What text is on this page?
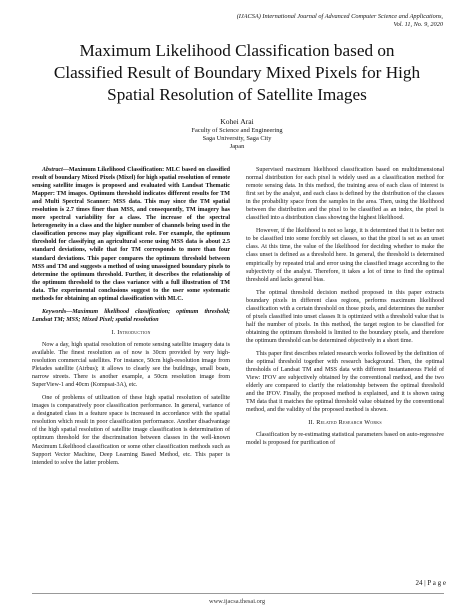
(IJACSA) International Journal of Advanced Computer Science and Applications,
Vol. 11, No. 9, 2020
Maximum Likelihood Classification based on
Classified Result of Boundary Mixed Pixels for High
Spatial Resolution of Satellite Images
Kohei Arai
Faculty of Science and Engineering
Saga University, Saga City
Japan

Abstract—Maximum Likelihood Classification: MLC based on classified result of boundary Mixed Pixels (Mixel) for high spatial resolution of remote sensing satellite images is proposed and evaluated with Landsat Thematic Mapper: TM images. Optimum threshold indicates different results for TM and Multi Spectral Scanner: MSS data. This may since the TM spatial resolution is 2.7 times finer than MSS, and consequently, TM imagery has more spectral variability for a class. The increase of the spectral heterogeneity in a class and the higher number of channels being used in the classification process may play significant role. For example, the optimum threshold for classifying an agricultural scene using MSS data is about 2.5 standard deviations, while that for TM corresponds to more than four standard deviations. This paper compares the optimum threshold between MSS and TM and suggests a method of using unassigned boundary pixels to determine the optimum threshold. Further, it describes the relationship of the optimum threshold to the class variance with a full illustration of TM data. The experimental conclusions suggest to the user some systematic methods for obtaining an optimal classification with MLC.

Keywords—Maximum likelihood classification; optimum threshold; Landsat TM; MSS; Mixed Pixel; spatial resolution

I. Introduction

Now a day, high spatial resolution of remote sensing satellite imagery data is available. The finest resolution as of now is 30cm provided by very high-resolution commercial satellites. For instance, 50cm high-resolution image from Pleiades satellite (Airbus); it allows to clearly see the buildings, small boats, narrow streets. There is another example, a 50cm resolution image from SuperView-1 and 40cm (Kompsat-3A), etc.

One of problems of utilization of these high spatial resolution of satellite images is comparatively poor classification performance. In general, variance of a designated class in a feature space is increased in accordance with the spatial resolution which result in poor classification performance. Another disadvantage of the high spatial resolution of satellite image classification is determination of optimum threshold for the discrimination between classes in the well-known Maximum Likelihood classification or some other classification methods such as Support Vector Machine, Deep Learning Based Method, etc. This paper is intended to solve the latter problem.

Supervised maximum likelihood classification based on multidimensional normal distribution for each pixel is widely used as a classification method for remote sensing data. In this method, the training area of each class of interest is first set by the analyst, and each class is defined by the distribution of the classes in the probability space from the samples in the area. Then, using the likelihood between the distribution and the pixel to be classified as an index, the pixel is classified into a distribution class showing the highest likelihood.

However, if the likelihood is not so large, it is determined that it is better not to be classified into some forcibly set classes, so that the pixel is set as an unset class. At this time, the value of the likelihood for deciding whether to make the class unset is defined as a threshold here. In general, the threshold is determined empirically by repeated trial and error using the classified image according to the subjectivity of the analyst. Therefore, it takes a lot of time to find the optimal threshold and lacks general bias.

The optimal threshold decision method proposed in this paper extracts boundary pixels in different class regions, performs maximum likelihood classification with a certain threshold on those pixels, and determines the number of pixels classified into unset classes It is optimized with a threshold value that is half the number of pixels. In this method, the target region to be classified for obtaining the optimum threshold is limited to the boundary pixels, and therefore the optimum threshold can be determined objectively in a short time.

This paper first describes related research works followed by the definition of the optimal threshold together with research background. Then, the optimal thresholds of Landsat TM and MSS data with different Instantaneous Field of View: IFOV are subjectively obtained by the conventional method, and the two elderly are compared to clarify the relationship between the optimal threshold and the IFOV. Finally, the proposed method is explained, and it is shown using TM data that it matches the optimal threshold value obtained by the conventional method, and the validity of the proposed method is shown.

II. Related Research Works

Classification by re-estimating statistical parameters based on auto-regressive model is proposed for purification of

24 | P a g e
www.ijacsa.thesai.org
